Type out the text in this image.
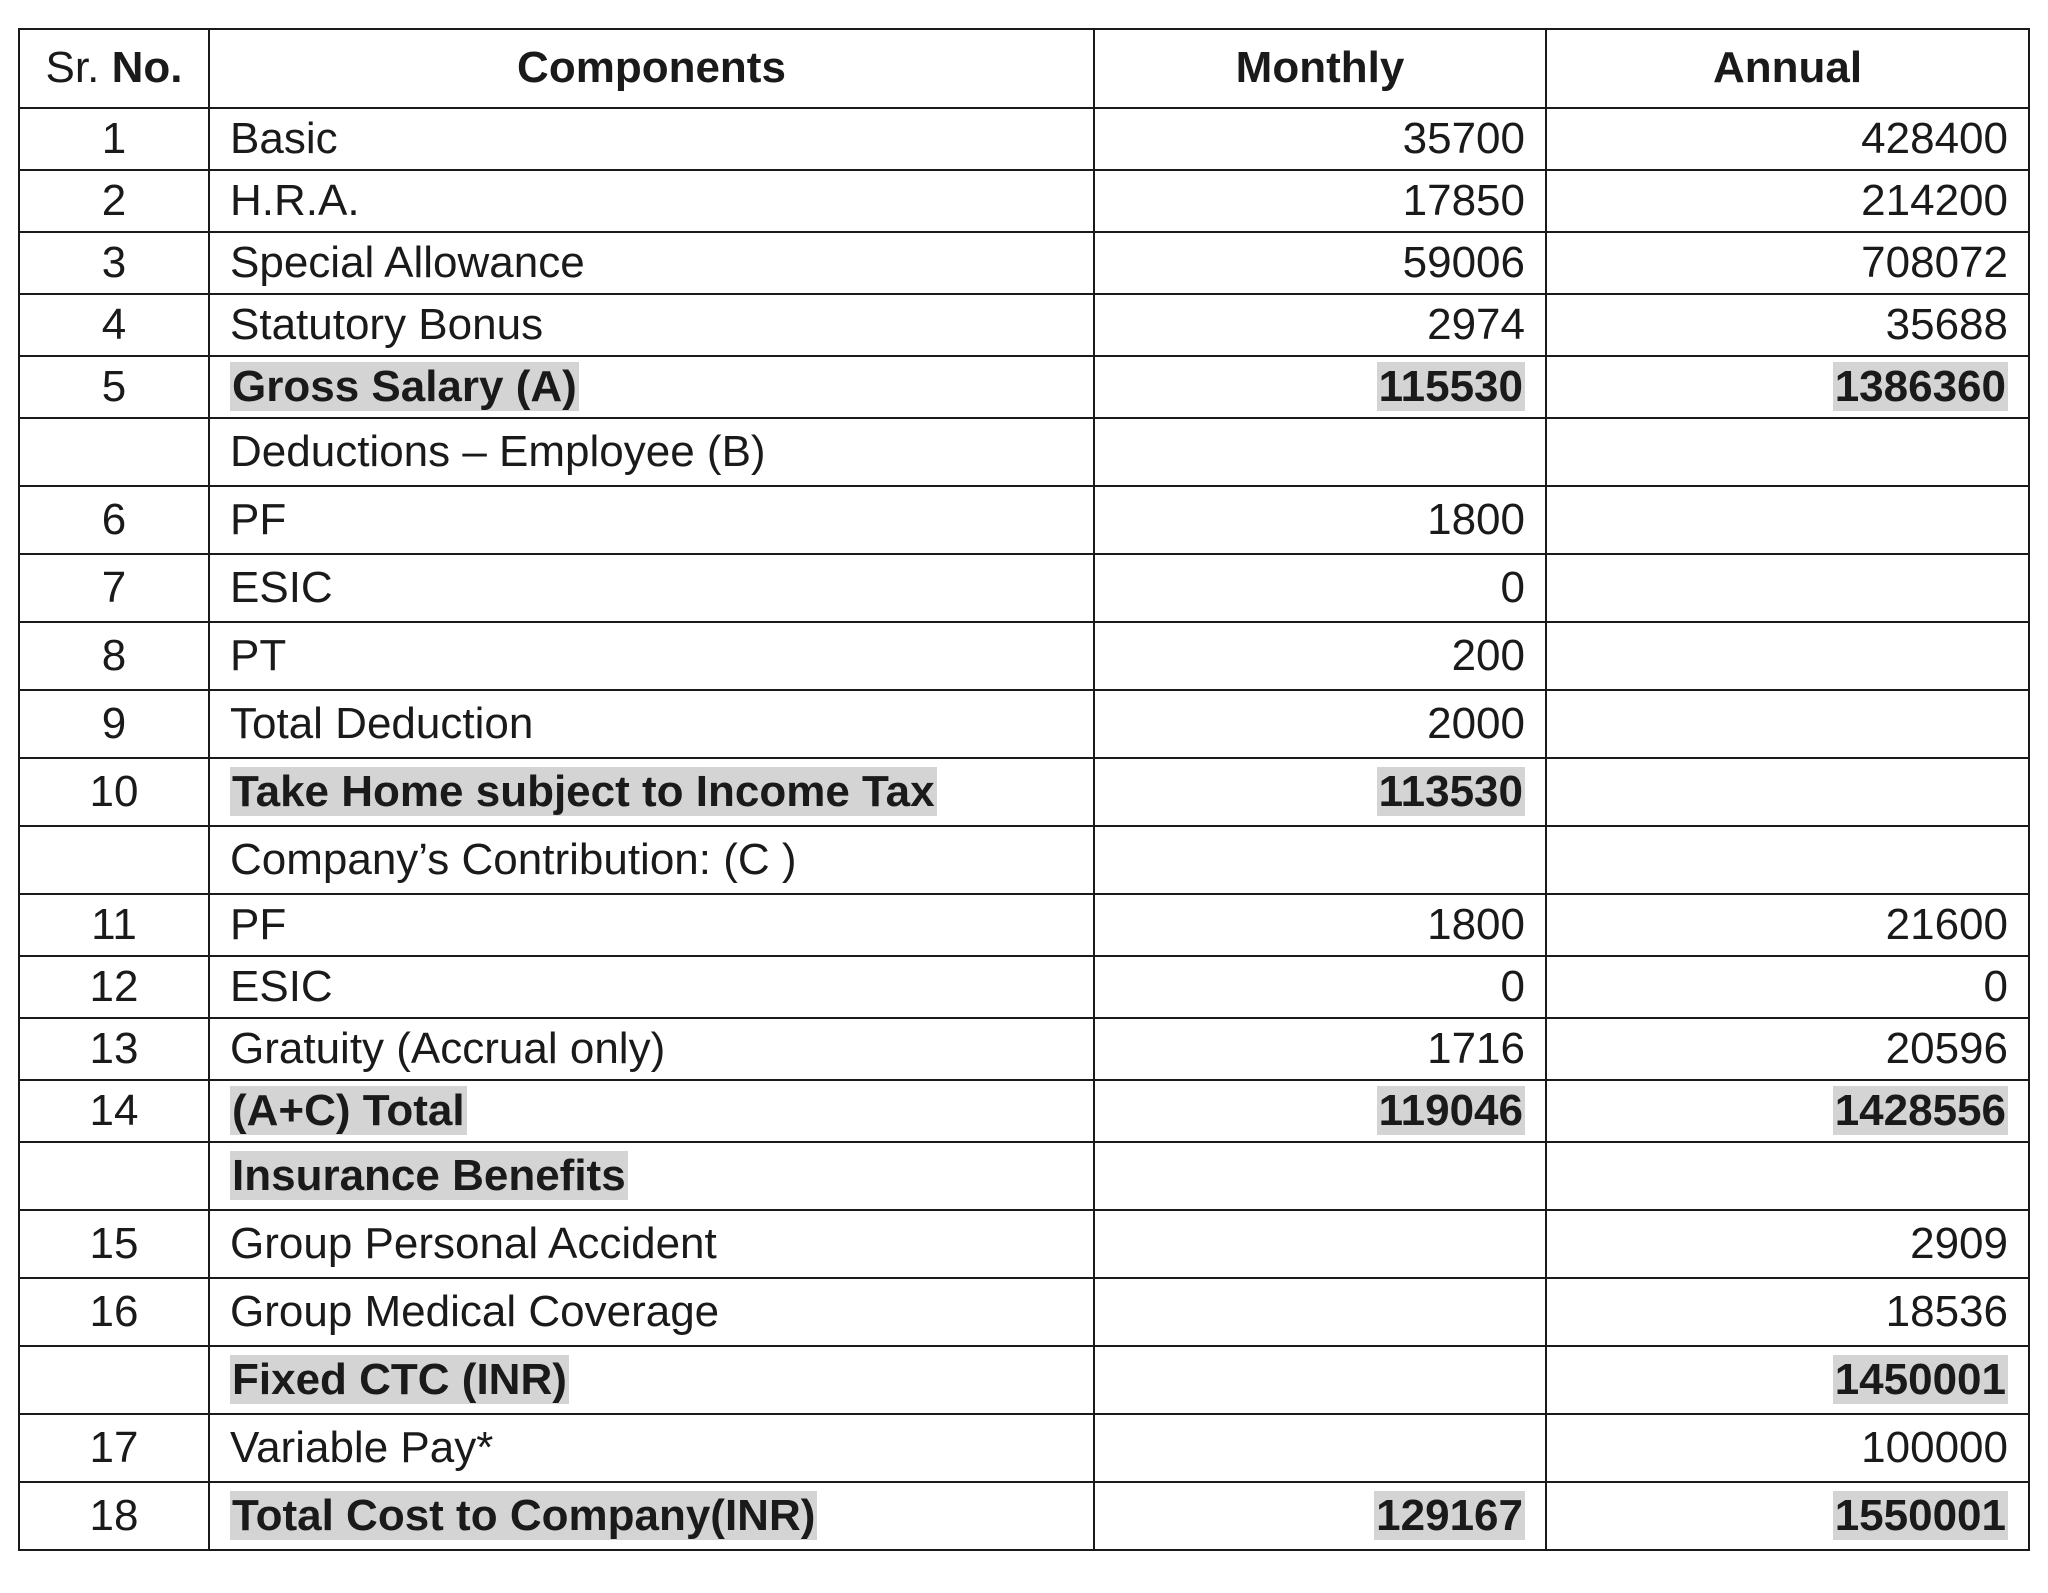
Sr. No.	Components	Monthly	Annual
1	Basic	35700	428400
2	H.R.A.	17850	214200
3	Special Allowance	59006	708072
4	Statutory Bonus	2974	35688
5	Gross Salary (A)	115530	1386360
	Deductions – Employee (B)		
6	PF	1800	
7	ESIC	0	
8	PT	200	
9	Total Deduction	2000	
10	Take Home subject to Income Tax	113530	
	Company’s Contribution: (C )		
11	PF	1800	21600
12	ESIC	0	0
13	Gratuity (Accrual only)	1716	20596
14	(A+C) Total	119046	1428556
	Insurance Benefits		
15	Group Personal Accident		2909
16	Group Medical Coverage		18536
	Fixed CTC (INR)		1450001
17	Variable Pay*		100000
18	Total Cost to Company(INR)	129167	1550001
